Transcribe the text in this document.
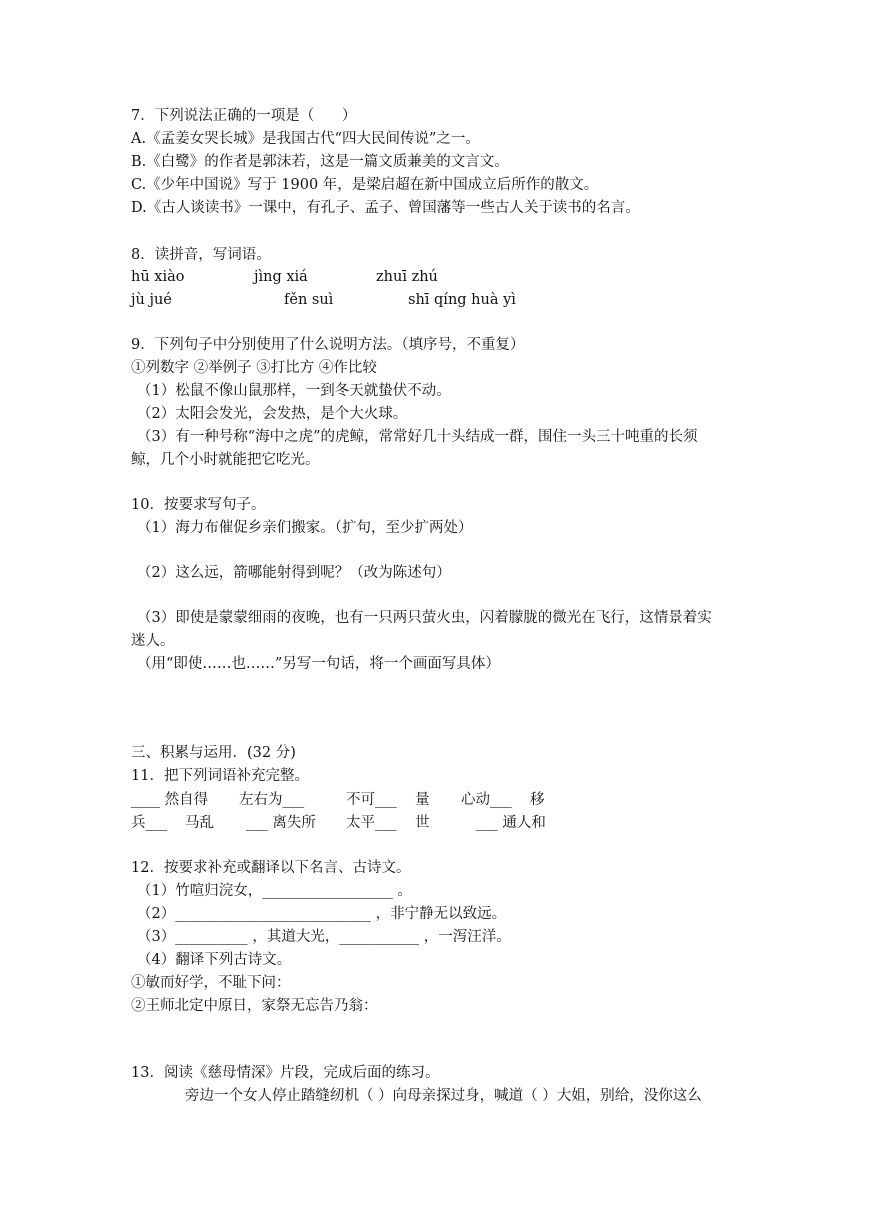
7．下列说法正确的一项是（      ）
A.《孟姜女哭长城》是我国古代“四大民间传说”之一。
B.《白鹭》的作者是郭沫若，这是一篇文质兼美的文言文。
C.《少年中国说》写于 1900 年，是梁启超在新中国成立后所作的散文。
D.《古人谈读书》一课中，有孔子、孟子、曾国藩等一些古人关于读书的名言。
8．读拼音，写词语。
hū xiào	jìng xiá	zhuī zhú
jù jué	fěn suì	shī qíng huà yì
9．下列句子中分别使用了什么说明方法。（填序号，不重复）
①列数字 ②举例子 ③打比方 ④作比较
（1）松鼠不像山鼠那样，一到冬天就蛰伏不动。
（2）太阳会发光，会发热，是个大火球。
（3）有一种号称“海中之虎”的虎鲸，常常好几十头结成一群，围住一头三十吨重的长须
鲸，几个小时就能把它吃光。
10．按要求写句子。
（1）海力布催促乡亲们搬家。（扩句，至少扩两处）
（2）这么远，箭哪能射得到呢？（改为陈述句）
（3）即使是蒙蒙细雨的夜晚，也有一只两只萤火虫，闪着朦胧的微光在飞行，这情景着实
迷人。
（用“即使……也……”另写一句话，将一个画面写具体）
三、积累与运用．(32 分)
11．把下列词语补充完整。
____ 然自得 左右为___	不可___ 量 心动___ 移
兵___ 马乱 ___ 离失所 太平___ 世	___ 通人和
12．按要求补充或翻译以下名言、古诗文。
（1）竹喧归浣女，__________________ 。
（2）___________________________ ，非宁静无以致远。
（3）__________ ，其道大光，___________ ，一泻汪洋。
（4）翻译下列古诗文。
①敏而好学，不耻下问：
②王师北定中原日，家祭无忘告乃翁：
13．阅读《慈母情深》片段，完成后面的练习。
旁边一个女人停止踏缝纫机（ ）向母亲探过身，喊道（ ）大姐，别给，没你这么
